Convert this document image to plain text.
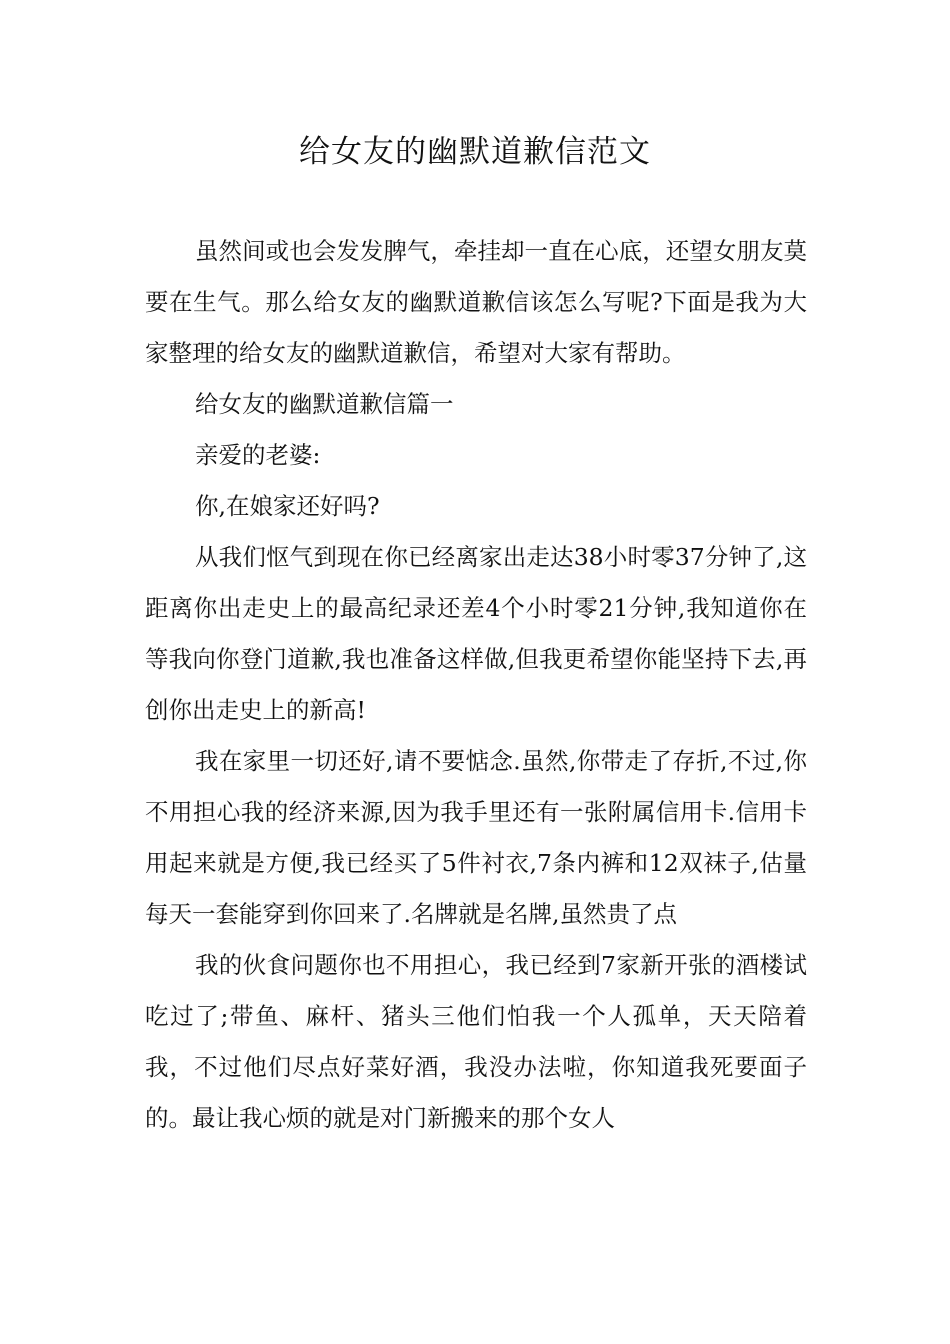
给女友的幽默道歉信范文

虽然间或也会发发脾气，牵挂却一直在心底，还望女朋友莫要在生气。那么给女友的幽默道歉信该怎么写呢?下面是我为大家整理的给女友的幽默道歉信，希望对大家有帮助。

给女友的幽默道歉信篇一

亲爱的老婆:

你,在娘家还好吗?

从我们怄气到现在你已经离家出走达38小时零37分钟了,这距离你出走史上的最高纪录还差4个小时零21分钟,我知道你在等我向你登门道歉,我也准备这样做,但我更希望你能坚持下去,再创你出走史上的新高!

我在家里一切还好,请不要惦念.虽然,你带走了存折,不过,你不用担心我的经济来源,因为我手里还有一张附属信用卡.信用卡用起来就是方便,我已经买了5件衬衣,7条内裤和12双袜子,估量每天一套能穿到你回来了.名牌就是名牌,虽然贵了点

我的伙食问题你也不用担心，我已经到7家新开张的酒楼试吃过了;带鱼、麻杆、猪头三他们怕我一个人孤单，天天陪着我，不过他们尽点好菜好酒，我没办法啦，你知道我死要面子的。最让我心烦的就是对门新搬来的那个女人
